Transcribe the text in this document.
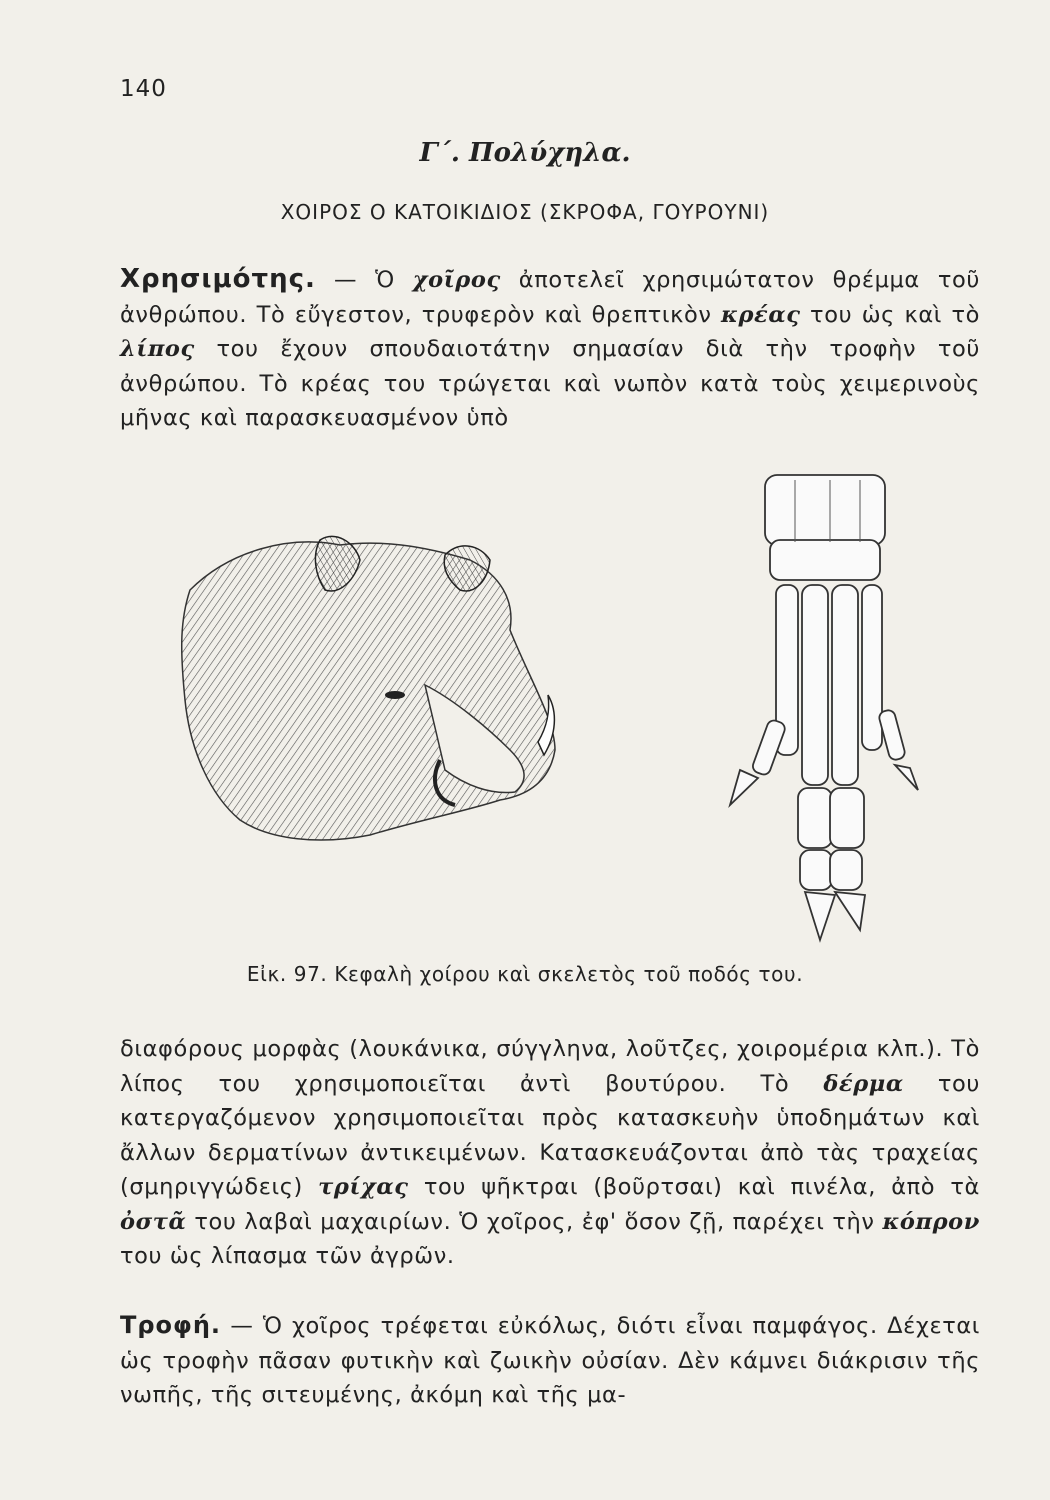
140
Γ΄. Πολύχηλα.
ΧΟΙΡΟΣ Ο ΚΑΤΟΙΚΙΔΙΟΣ (ΣΚΡΟΦΑ, ΓΟΥΡΟΥΝΙ)
Χρησιμότης. — Ὁ χοῖρος ἀποτελεῖ χρησιμώτατον θρέμμα τοῦ ἀνθρώπου. Τὸ εὔγεστον, τρυφερὸν καὶ θρεπτικὸν κρέας του ὡς καὶ τὸ λίπος του ἔχουν σπουδαιοτάτην σημασίαν διὰ τὴν τροφὴν τοῦ ἀνθρώπου. Τὸ κρέας του τρώγεται καὶ νωπὸν κατὰ τοὺς χειμερινοὺς μῆνας καὶ παρασκευασμένον ὑπὸ
Εἰκ. 97. Κεφαλὴ χοίρου καὶ σκελετὸς τοῦ ποδός του.
διαφόρους μορφὰς (λουκάνικα, σύγγληνα, λοῦτζες, χοιρομέρια κλπ.). Τὸ λίπος του χρησιμοποιεῖται ἀντὶ βουτύρου. Τὸ δέρμα του κατεργαζόμενον χρησιμοποιεῖται πρὸς κατασκευὴν ὑποδημάτων καὶ ἄλλων δερματίνων ἀντικειμένων. Κατασκευάζονται ἀπὸ τὰς τραχείας (σμηριγγώδεις) τρίχας του ψῆκτραι (βοῦρτσαι) καὶ πινέλα, ἀπὸ τὰ ὀστᾶ του λαβαὶ μαχαιρίων. Ὁ χοῖρος, ἐφ' ὅσον ζῇ, παρέχει τὴν κόπρον του ὡς λίπασμα τῶν ἀγρῶν.
Τροφή. — Ὁ χοῖρος τρέφεται εὐκόλως, διότι εἶναι παμφάγος. Δέχεται ὡς τροφὴν πᾶσαν φυτικὴν καὶ ζωικὴν οὐσίαν. Δὲν κάμνει διάκρισιν τῆς νωπῆς, τῆς σιτευμένης, ἀκόμη καὶ τῆς μα-
